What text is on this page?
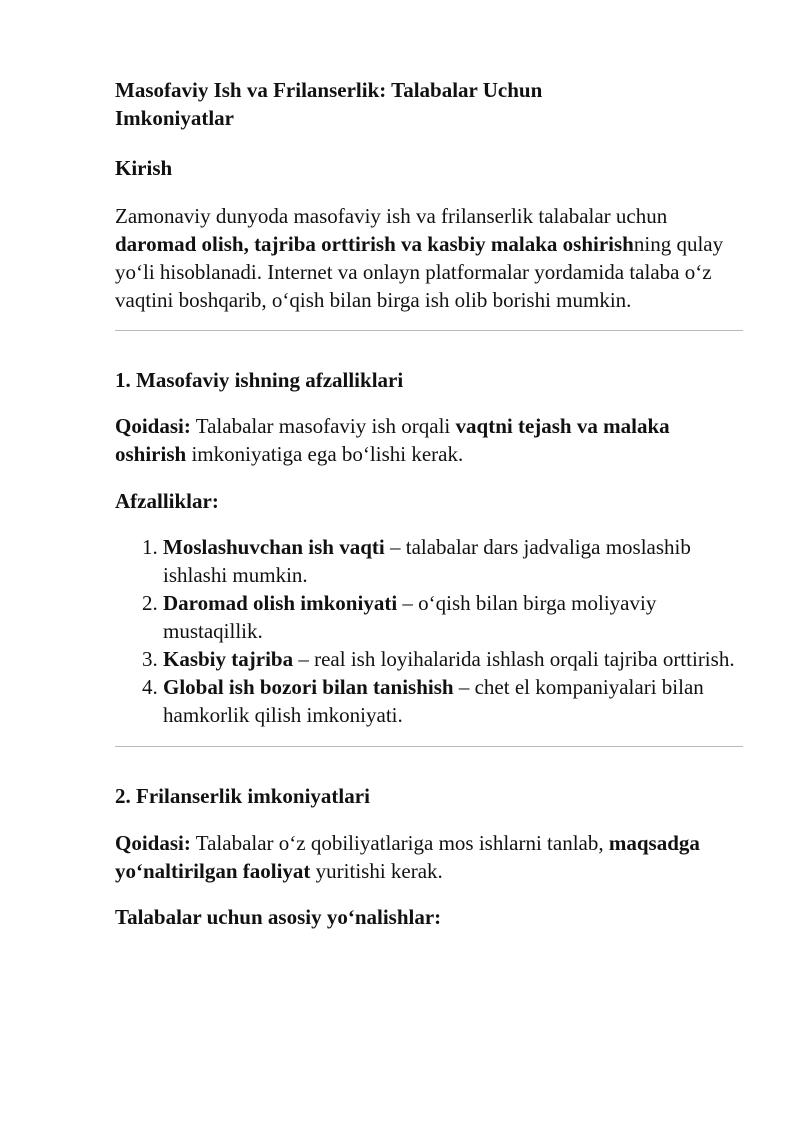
Masofaviy Ish va Frilanserlik: Talabalar Uchun Imkoniyatlar
Kirish

Zamonaviy dunyoda masofaviy ish va frilanserlik talabalar uchun daromad olish, tajriba orttirish va kasbiy malaka oshirishning qulay yo‘li hisoblanadi. Internet va onlayn platformalar yordamida talaba o‘z vaqtini boshqarib, o‘qish bilan birga ish olib borishi mumkin.

1. Masofaviy ishning afzalliklari

Qoidasi: Talabalar masofaviy ish orqali vaqtni tejash va malaka oshirish imkoniyatiga ega bo‘lishi kerak.

Afzalliklar:
1. Moslashuvchan ish vaqti – talabalar dars jadvaliga moslashib ishlashi mumkin.
2. Daromad olish imkoniyati – o‘qish bilan birga moliyaviy mustaqillik.
3. Kasbiy tajriba – real ish loyihalarida ishlash orqali tajriba orttirish.
4. Global ish bozori bilan tanishish – chet el kompaniyalari bilan hamkorlik qilish imkoniyati.
2. Frilanserlik imkoniyatlari

Qoidasi: Talabalar o‘z qobiliyatlariga mos ishlarni tanlab, maqsadga yo‘naltirilgan faoliyat yuritishi kerak.

Talabalar uchun asosiy yo‘nalishlar:
